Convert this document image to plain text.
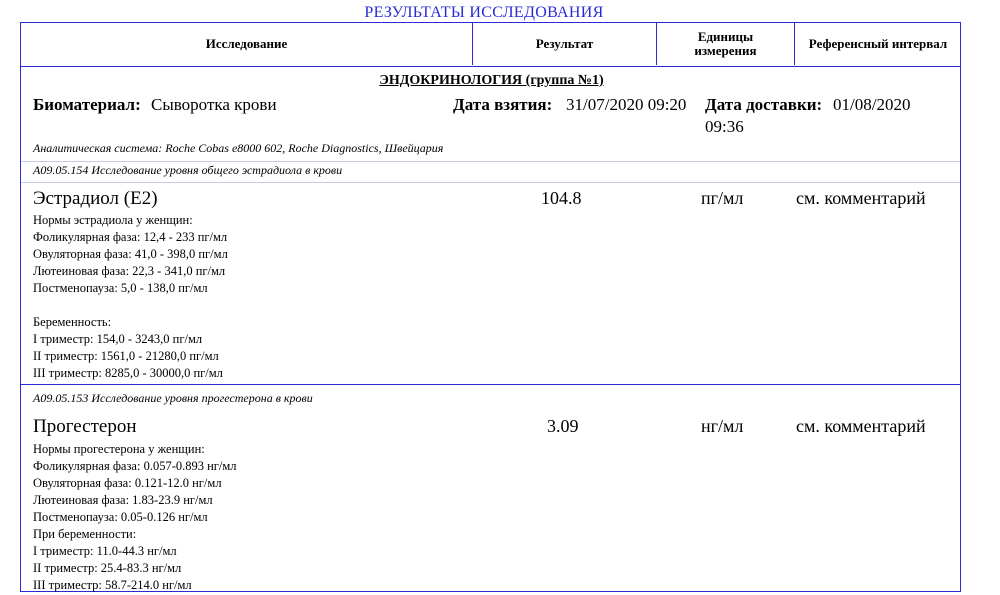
РЕЗУЛЬТАТЫ ИССЛЕДОВАНИЯ
Исследование	Результат	Единицы измерения	Референсный интервал
ЭНДОКРИНОЛОГИЯ (группа №1)
Биоматериал: Сыворотка крови	Дата взятия: 31/07/2020 09:20 Дата доставки: 01/08/2020
09:36
Аналитическая система: Roche Cobas e8000 602, Roche Diagnostics, Швейцария
A09.05.154 Исследование уровня общего эстрадиола в крови
Эстрадиол (E2)	104.8	пг/мл	см. комментарий
Нормы эстрадиола у женщин:
Фоликулярная фаза: 12,4 - 233 пг/мл
Овуляторная фаза: 41,0 - 398,0 пг/мл
Лютеиновая фаза: 22,3 - 341,0 пг/мл
Постменопауза: 5,0 - 138,0 пг/мл
Беременность:
I триместр: 154,0 - 3243,0 пг/мл
II триместр: 1561,0 - 21280,0 пг/мл
III триместр: 8285,0 - 30000,0 пг/мл
A09.05.153 Исследование уровня прогестерона в крови
Прогестерон	3.09	нг/мл	см. комментарий
Нормы прогестерона у женщин:
Фоликулярная фаза: 0.057-0.893 нг/мл
Овуляторная фаза: 0.121-12.0 нг/мл
Лютеиновая фаза: 1.83-23.9 нг/мл
Постменопауза: 0.05-0.126 нг/мл
При беременности:
I триместр: 11.0-44.3 нг/мл
II триместр: 25.4-83.3 нг/мл
III триместр: 58.7-214.0 нг/мл
